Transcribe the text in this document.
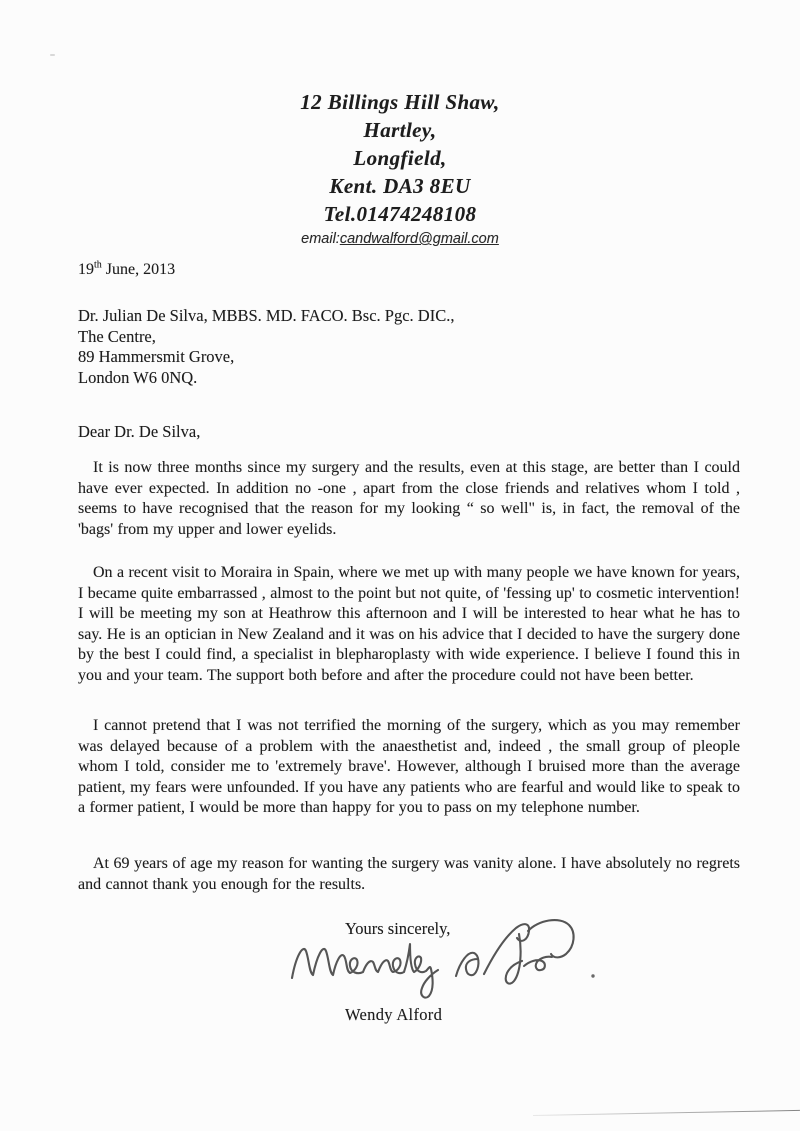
12 Billings Hill Shaw,
Hartley,
Longfield,
Kent. DA3 8EU
Tel.01474248108
email:candwalford@gmail.com
19th June, 2013
Dr. Julian De Silva, MBBS. MD. FACO. Bsc. Pgc. DIC.,
The Centre,
89 Hammersmit Grove,
London W6 0NQ.
Dear Dr. De Silva,
It is now three months since my surgery and the results, even at this stage, are better than I could have ever expected. In addition no -one , apart from the close friends and relatives whom I told , seems to have recognised that the reason for my looking “ so well" is, in fact, the removal of the 'bags' from my upper and lower eyelids.
On a recent visit to Moraira in Spain, where we met up with many people we have known for years, I became quite embarrassed , almost to the point but not quite, of 'fessing up' to cosmetic intervention! I will be meeting my son at Heathrow this afternoon and I will be interested to hear what he has to say. He is an optician in New Zealand and it was on his advice that I decided to have the surgery done by the best I could find, a specialist in blepharoplasty with wide experience. I believe I found this in you and your team. The support both before and after the procedure could not have been better.
I cannot pretend that I was not terrified the morning of the surgery, which as you may remember was delayed because of a problem with the anaesthetist and, indeed , the small group of pleople whom I told, consider me to 'extremely brave'. However, although I bruised more than the average patient, my fears were unfounded. If you have any patients who are fearful and would like to speak to a former patient, I would be more than happy for you to pass on my telephone number.
At 69 years of age my reason for wanting the surgery was vanity alone. I have absolutely no regrets and cannot thank you enough for the results.
Yours sincerely,
Wendy Alford
